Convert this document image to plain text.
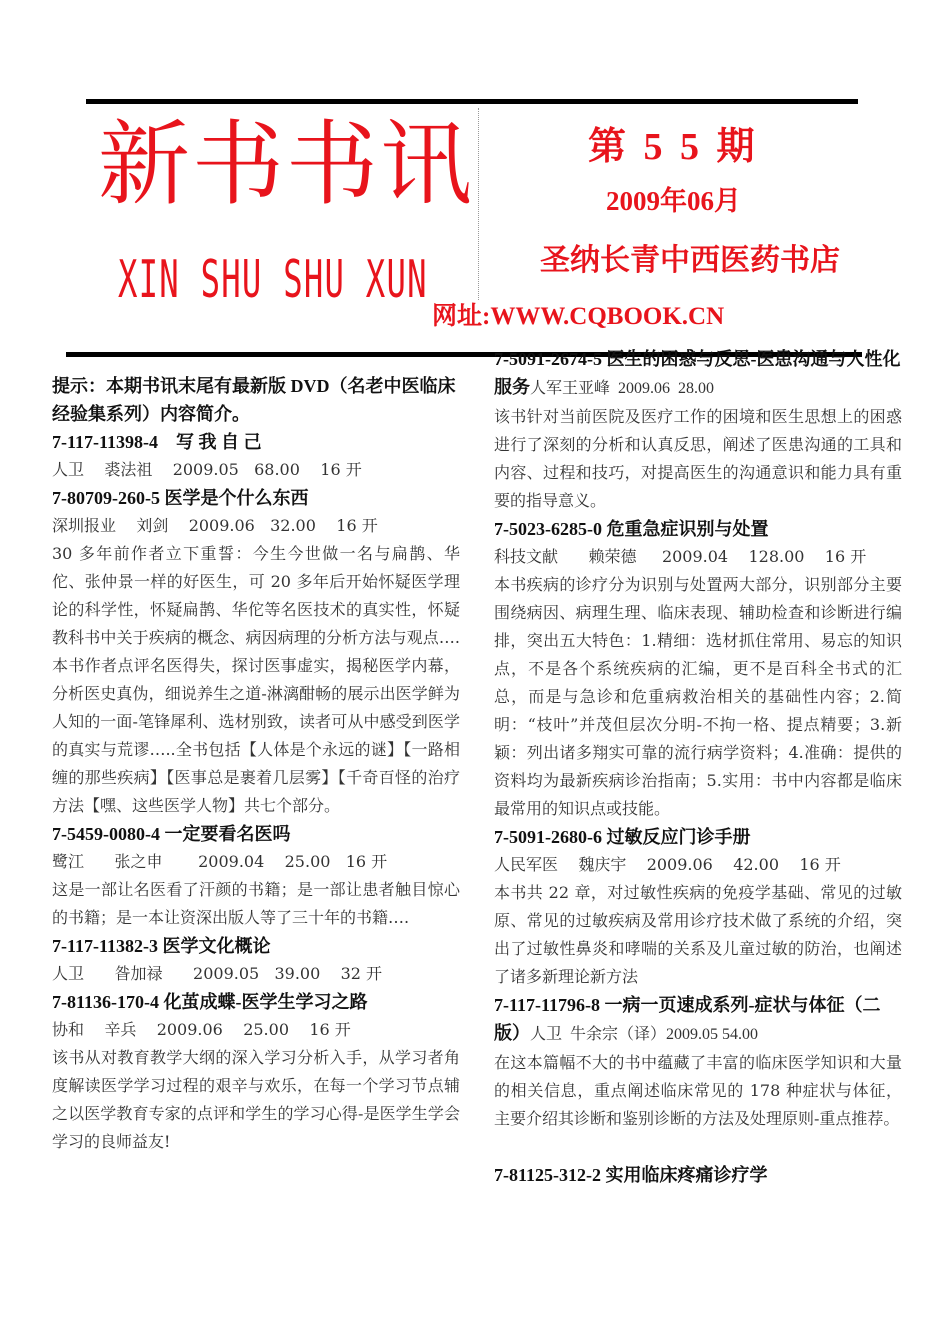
新书书讯
XIN SHU SHU XUN
第 5 5 期
2009年06月
圣纳长青中西医药书店
网址:WWW.CQBOOK.CN
提示：本期书讯末尾有最新版 DVD（名老中医临床经验集系列）内容简介。
7-117-11398-4　写 我 自 己
人卫    裘法祖    2009.05   68.00    16 开
7-80709-260-5 医学是个什么东西
深圳报业    刘剑    2009.06   32.00    16 开
30 多年前作者立下重誓：今生今世做一名与扁鹊、华佗、张仲景一样的好医生，可 20 多年后开始怀疑医学理论的科学性，怀疑扁鹊、华佗等名医技术的真实性，怀疑教科书中关于疾病的概念、病因病理的分析方法与观点….本书作者点评名医得失，探讨医事虚实，揭秘医学内幕，分析医史真伪，细说养生之道-淋漓酣畅的展示出医学鲜为人知的一面-笔锋犀利、选材别致，读者可从中感受到医学的真实与荒谬…..全书包括【人体是个永远的谜】【一路相缠的那些疾病】【医事总是裹着几层雾】【千奇百怪的治疗方法【嘿、这些医学人物】共七个部分。
7-5459-0080-4 一定要看名医吗
鹭江      张之申       2009.04    25.00   16 开
这是一部让名医看了汗颜的书籍；是一部让患者触目惊心的书籍；是一本让资深出版人等了三十年的书籍….
7-117-11382-3 医学文化概论
人卫      昝加禄      2009.05   39.00    32 开
7-81136-170-4 化茧成蝶-医学生学习之路
协和    辛兵    2009.06    25.00    16 开
该书从对教育教学大纲的深入学习分析入手，从学习者角度解读医学学习过程的艰辛与欢乐，在每一个学习节点辅之以医学教育专家的点评和学生的学习心得-是医学生学会学习的良师益友!
7-5091-2674-5 医生的困惑与反思-医患沟通与人性化服务人军王亚峰  2009.06  28.00
该书针对当前医院及医疗工作的困境和医生思想上的困惑进行了深刻的分析和认真反思，阐述了医患沟通的工具和内容、过程和技巧，对提高医生的沟通意识和能力具有重要的指导意义。
7-5023-6285-0 危重急症识别与处置
科技文献      赖荣德     2009.04    128.00    16 开
本书疾病的诊疗分为识别与处置两大部分，识别部分主要围绕病因、病理生理、临床表现、辅助检查和诊断进行编排，突出五大特色：1.精细：选材抓住常用、易忘的知识点，不是各个系统疾病的汇编，更不是百科全书式的汇总，而是与急诊和危重病救治相关的基础性内容；2.简明：“枝叶”并茂但层次分明-不拘一格、提点精要；3.新颖：列出诸多翔实可靠的流行病学资料；4.准确：提供的资料均为最新疾病诊治指南；5.实用：书中内容都是临床最常用的知识点或技能。
7-5091-2680-6 过敏反应门诊手册
人民军医    魏庆宇    2009.06    42.00    16 开
本书共 22 章，对过敏性疾病的免疫学基础、常见的过敏原、常见的过敏疾病及常用诊疗技术做了系统的介绍，突出了过敏性鼻炎和哮喘的关系及儿童过敏的防治，也阐述了诸多新理论新方法
7-117-11796-8 一病一页速成系列-症状与体征（二版）人卫  牛余宗（译）2009.05 54.00
在这本篇幅不大的书中蕴藏了丰富的临床医学知识和大量的相关信息，重点阐述临床常见的 178 种症状与体征，主要介绍其诊断和鉴别诊断的方法及处理原则-重点推荐。
7-81125-312-2 实用临床疼痛诊疗学
